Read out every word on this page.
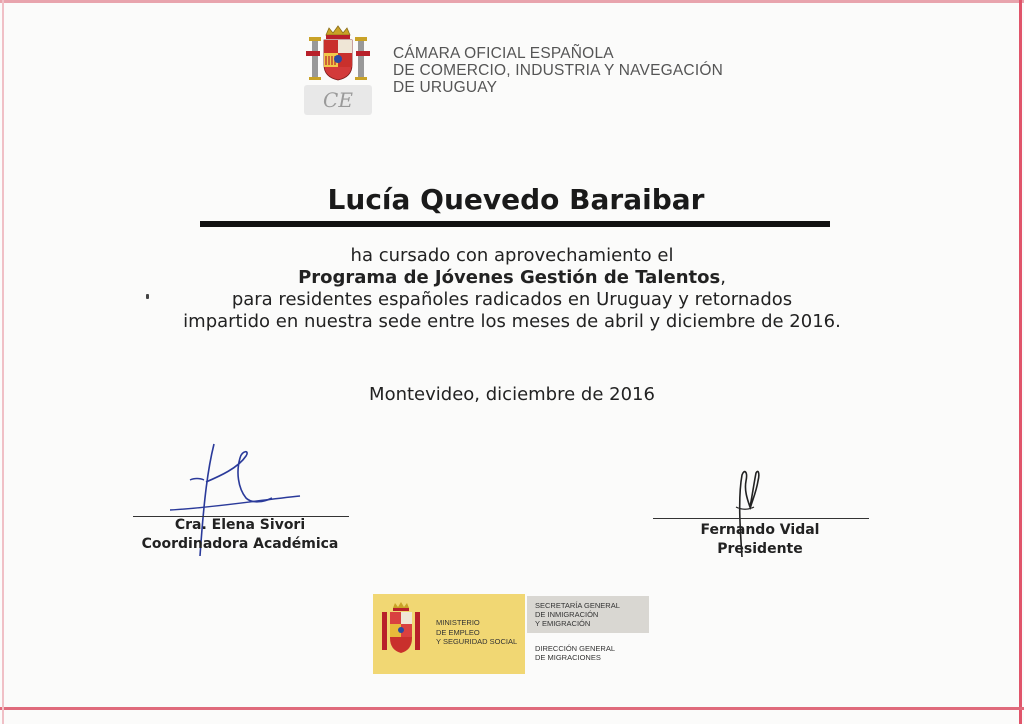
CE
CÁMARA OFICIAL ESPAÑOLA
DE COMERCIO, INDUSTRIA Y NAVEGACIÓN
DE URUGUAY
Lucía Quevedo Baraibar
ha cursado con aprovechamiento el
Programa de Jóvenes Gestión de Talentos,
para residentes españoles radicados en Uruguay y retornados
impartido en nuestra sede entre los meses de abril y diciembre de 2016.
Montevideo, diciembre de 2016
Cra. Elena Sivori
Coordinadora Académica
Fernando Vidal
Presidente
MINISTERIO
DE EMPLEO
Y SEGURIDAD SOCIAL
SECRETARÍA GENERAL
DE INMIGRACIÓN
Y EMIGRACIÓN
DIRECCIÓN GENERAL
DE MIGRACIONES
